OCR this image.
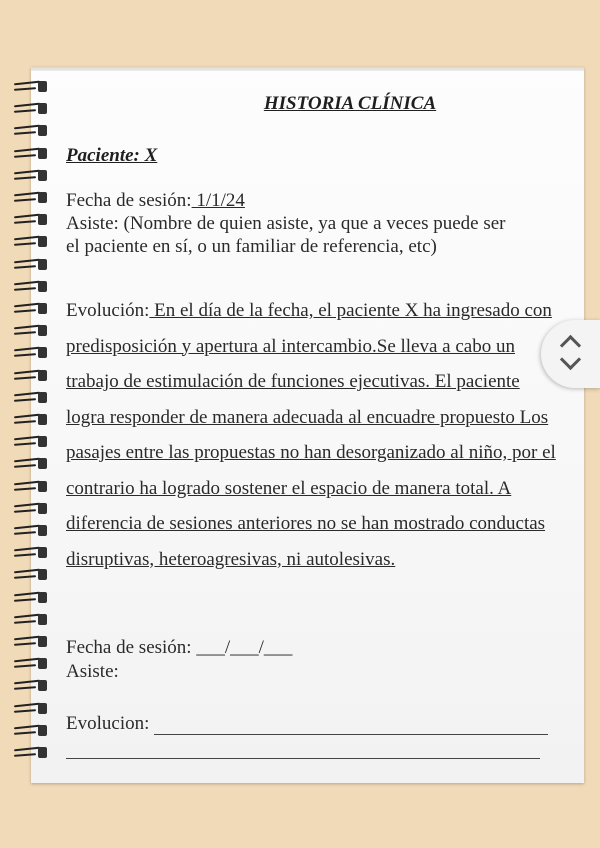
HISTORIA CLÍNICA
Paciente: X
Fecha de sesión: 1/1/24
Asiste: (Nombre de quien asiste, ya que a veces puede ser
el paciente en sí, o un familiar de referencia, etc)
Evolución: En el día de la fecha, el paciente X ha ingresado con predisposición y apertura al intercambio.Se lleva a cabo un trabajo de estimulación de funciones ejecutivas. El paciente logra responder de manera adecuada al encuadre propuesto Los pasajes entre las propuestas no han desorganizado al niño, por el contrario ha logrado sostener el espacio de manera total. A diferencia de sesiones anteriores no se han mostrado conductas disruptivas, heteroagresivas, ni autolesivas.
Fecha de sesión: ___/___/___
Asiste:
Evolucion:
